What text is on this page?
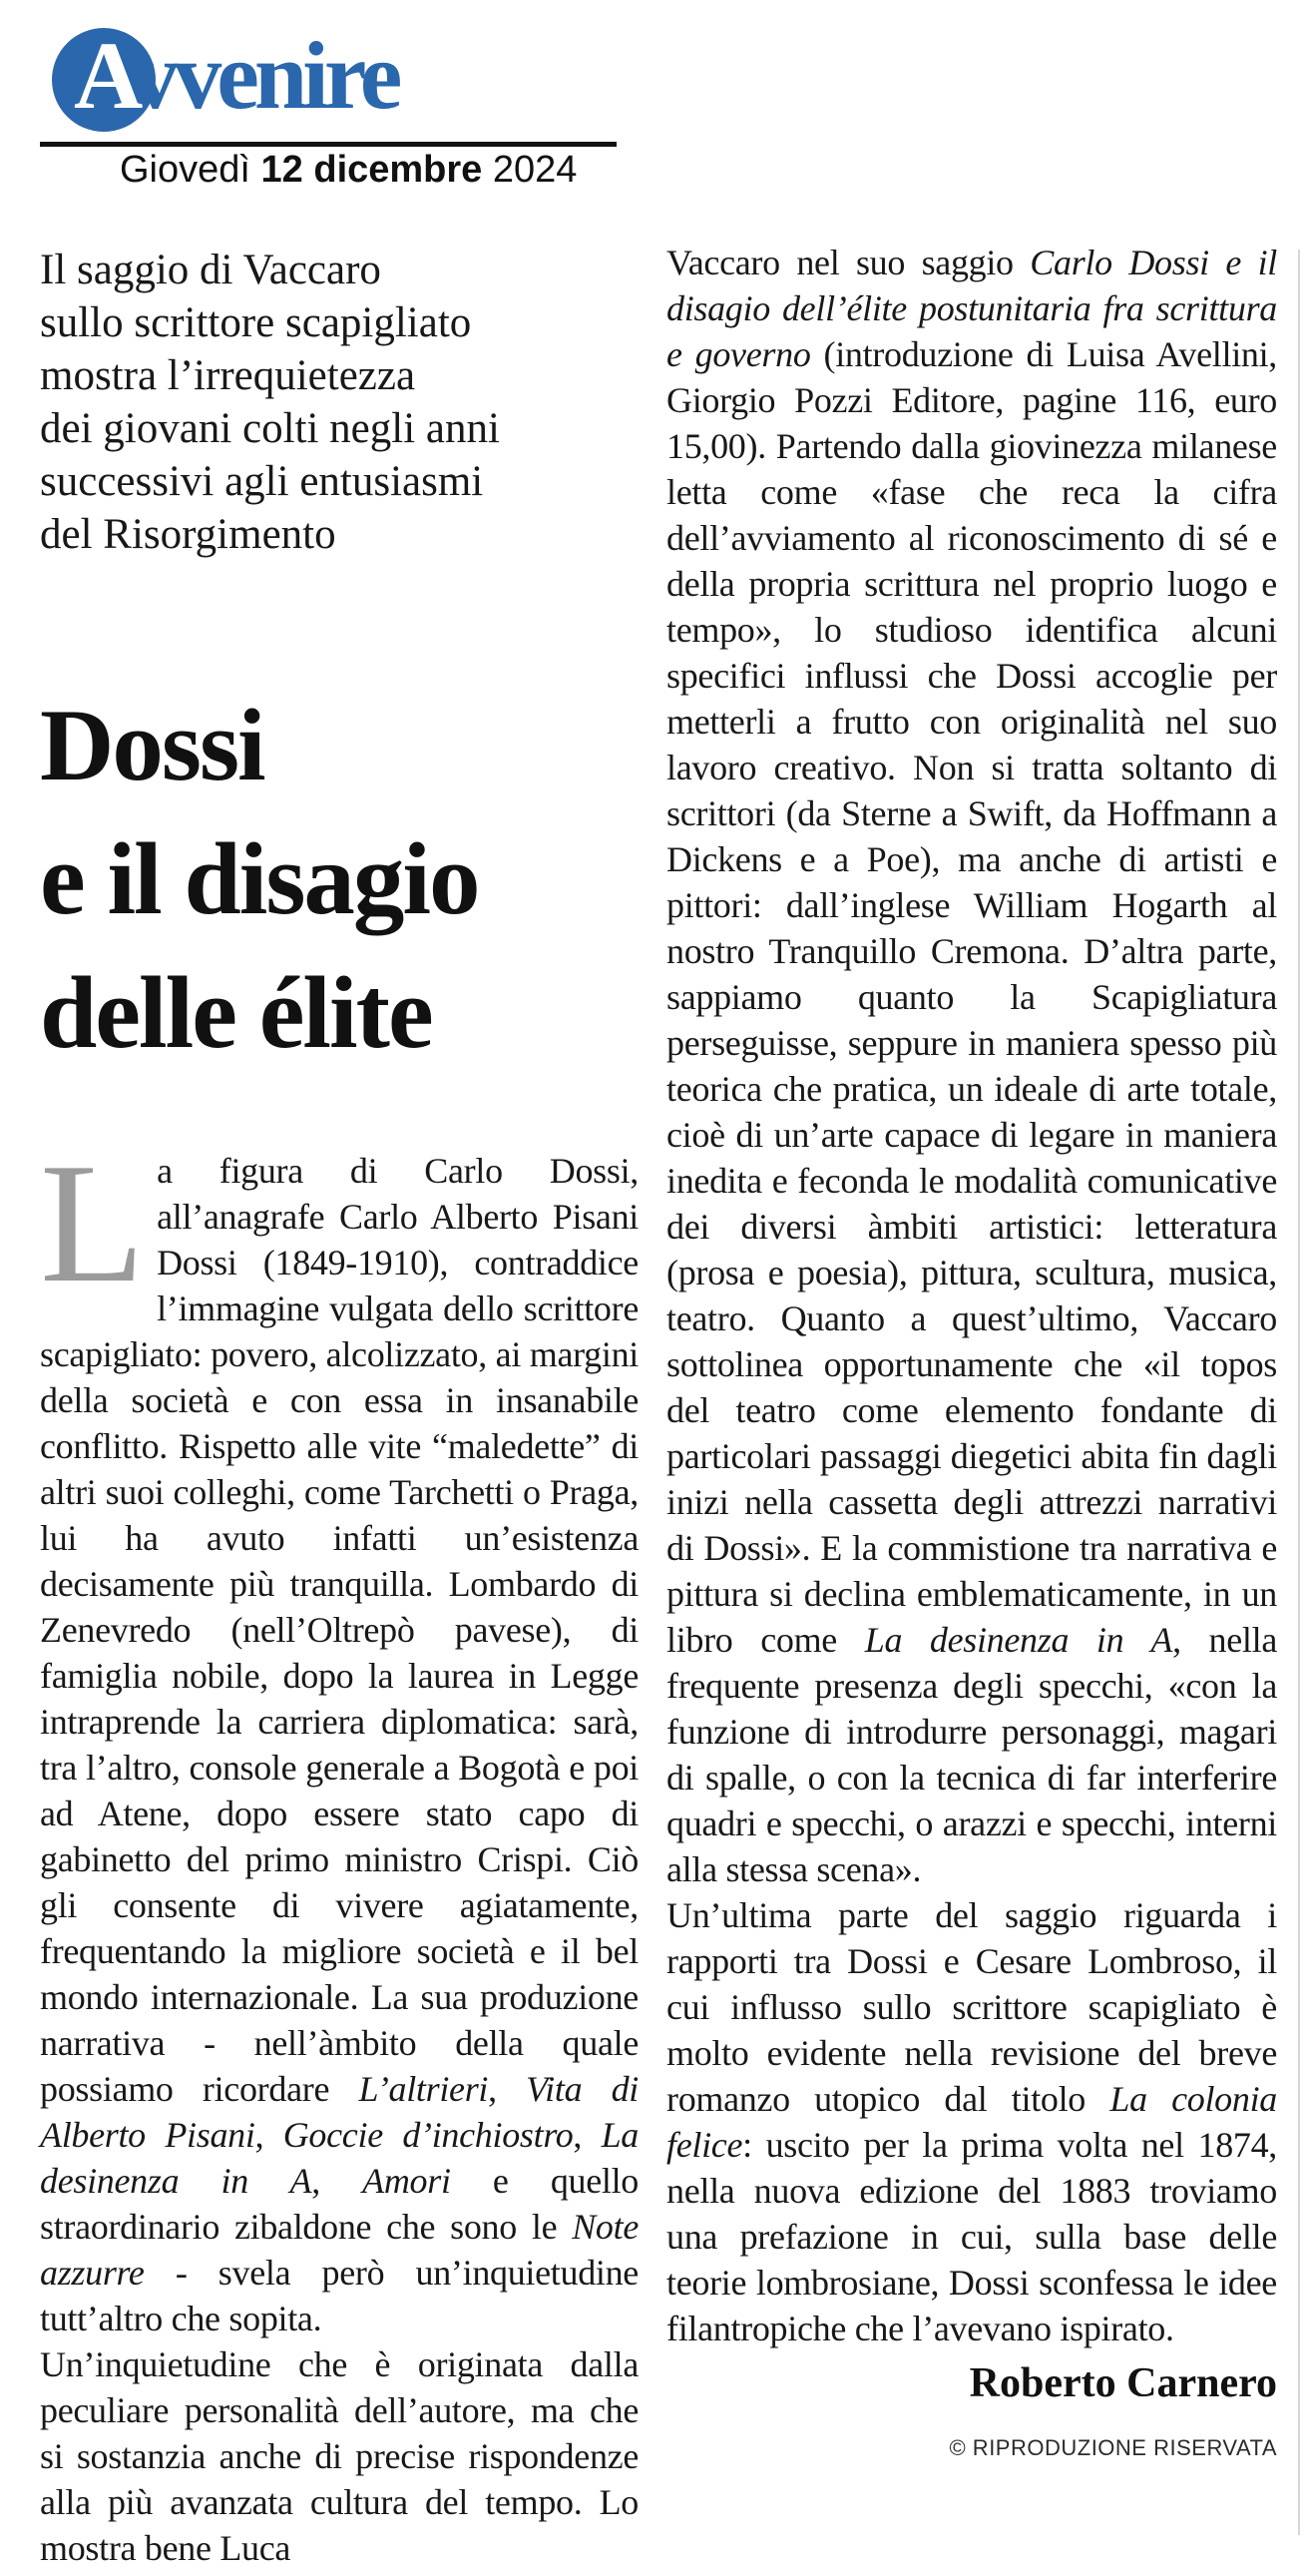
Avvenire
Giovedì 12 dicembre 2024
Il saggio di Vaccaro
sullo scrittore scapigliato
mostra l’irrequietezza
dei giovani colti negli anni
successivi agli entusiasmi
del Risorgimento
Dossi
e il disagio
delle élite
L a figura di Carlo Dossi, all’anagrafe Carlo Alberto Pisani Dossi (1849-1910), contraddice l’immagine vulgata dello scrittore scapigliato: povero, alcolizzato, ai margini della società e con essa in insanabile conflitto. Rispetto alle vite “maledette” di altri suoi colleghi, come Tarchetti o Praga, lui ha avuto infatti un’esistenza decisamente più tranquilla. Lombardo di Zenevredo (nell’Oltrepò pavese), di famiglia nobile, dopo la laurea in Legge intraprende la carriera diplomatica: sarà, tra l’altro, console generale a Bogotà e poi ad Atene, dopo essere stato capo di gabinetto del primo ministro Crispi. Ciò gli consente di vivere agiatamente, frequentando la migliore società e il bel mondo internazionale. La sua produzione narrativa - nell’àmbito della quale possiamo ricordare L’altrieri, Vita di Alberto Pisani, Goccie d’inchiostro, La desinenza in A, Amori e quello straordinario zibaldone che sono le Note azzurre - svela però un’inquietudine tutt’altro che sopita.

Un’inquietudine che è originata dalla peculiare personalità dell’autore, ma che si sostanzia anche di precise rispondenze alla più avanzata cultura del tempo. Lo mostra bene Luca

Vaccaro nel suo saggio Carlo Dossi e il disagio dell’élite postunitaria fra scrittura e governo (introduzione di Luisa Avellini, Giorgio Pozzi Editore, pagine 116, euro 15,00). Partendo dalla giovinezza milanese letta come «fase che reca la cifra dell’avviamento al riconoscimento di sé e della propria scrittura nel proprio luogo e tempo», lo studioso identifica alcuni specifici influssi che Dossi accoglie per metterli a frutto con originalità nel suo lavoro creativo. Non si tratta soltanto di scrittori (da Sterne a Swift, da Hoffmann a Dickens e a Poe), ma anche di artisti e pittori: dall’inglese William Hogarth al nostro Tranquillo Cremona. D’altra parte, sappiamo quanto la Scapigliatura perseguisse, seppure in maniera spesso più teorica che pratica, un ideale di arte totale, cioè di un’arte capace di legare in maniera inedita e feconda le modalità comunicative dei diversi àmbiti artistici: letteratura (prosa e poesia), pittura, scultura, musica, teatro. Quanto a quest’ultimo, Vaccaro sottolinea opportunamente che «il topos del teatro come elemento fondante di particolari passaggi diegetici abita fin dagli inizi nella cassetta degli attrezzi narrativi di Dossi». E la commistione tra narrativa e pittura si declina emblematicamente, in un libro come La desinenza in A, nella frequente presenza degli specchi, «con la funzione di introdurre personaggi, magari di spalle, o con la tecnica di far interferire quadri e specchi, o arazzi e specchi, interni alla stessa scena».

Un’ultima parte del saggio riguarda i rapporti tra Dossi e Cesare Lombroso, il cui influsso sullo scrittore scapigliato è molto evidente nella revisione del breve romanzo utopico dal titolo La colonia felice: uscito per la prima volta nel 1874, nella nuova edizione del 1883 troviamo una prefazione in cui, sulla base delle teorie lombrosiane, Dossi sconfessa le idee filantropiche che l’avevano ispirato.

Roberto Carnero
© RIPRODUZIONE RISERVATA
